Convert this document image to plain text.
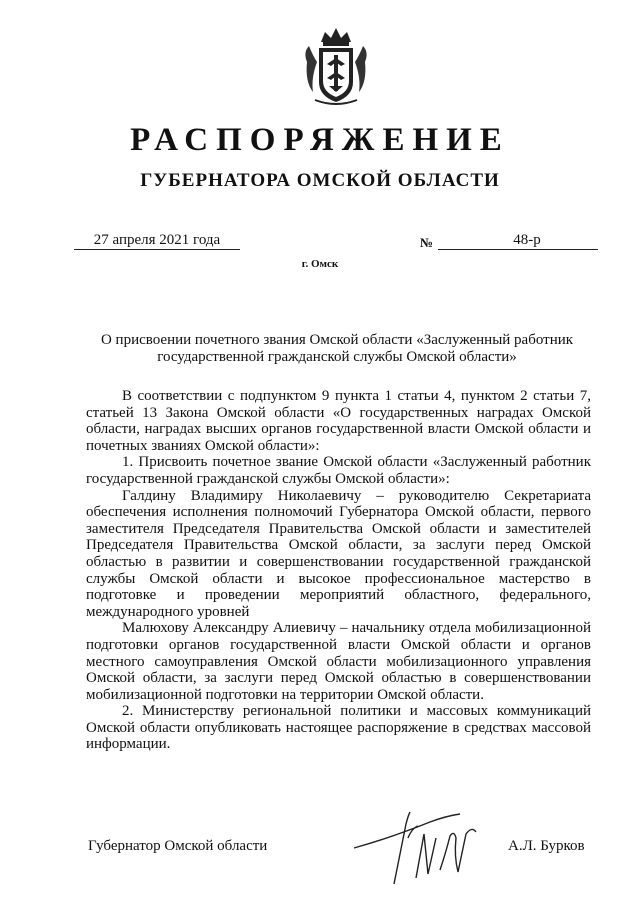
РАСПОРЯЖЕНИЕ
ГУБЕРНАТОРА ОМСКОЙ ОБЛАСТИ
27 апреля 2021 года	№	48-р
г. Омск
О присвоении почетного звания Омской области «Заслуженный работник государственной гражданской службы Омской области»

В соответствии с подпунктом 9 пункта 1 статьи 4, пунктом 2 статьи 7, статьей 13 Закона Омской области «О государственных наградах Омской области, наградах высших органов государственной власти Омской области и почетных званиях Омской области»:

1. Присвоить почетное звание Омской области «Заслуженный работник государственной гражданской службы Омской области»:

Галдину Владимиру Николаевичу – руководителю Секретариата обеспечения исполнения полномочий Губернатора Омской области, первого заместителя Председателя Правительства Омской области и заместителей Председателя Правительства Омской области, за заслуги перед Омской областью в развитии и совершенствовании государственной гражданской службы Омской области и высокое профессиональное мастерство в подготовке и проведении мероприятий областного, федерального, международного уровней

Малюхову Александру Алиевичу – начальнику отдела мобилизационной подготовки органов государственной власти Омской области и органов местного самоуправления Омской области мобилизационного управления Омской области, за заслуги перед Омской областью в совершенствовании мобилизационной подготовки на территории Омской области.

2. Министерству региональной политики и массовых коммуникаций Омской области опубликовать настоящее распоряжение в средствах массовой информации.

Губернатор Омской области	А.Л. Бурков
